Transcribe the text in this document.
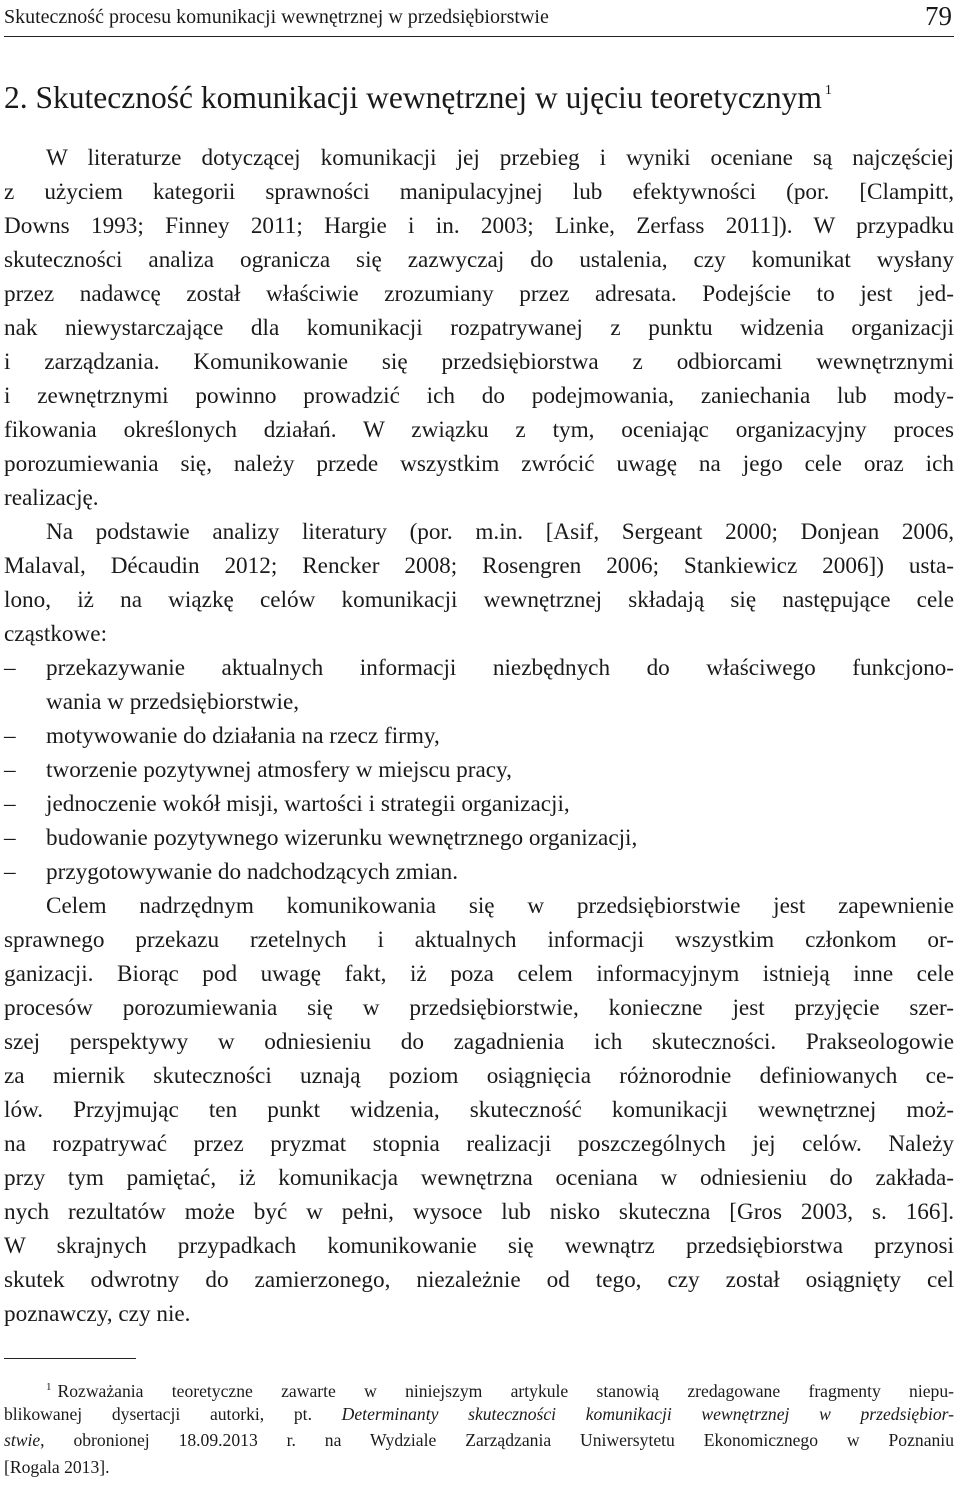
Skuteczność procesu komunikacji wewnętrznej w przedsiębiorstwie	79
2. Skuteczność komunikacji wewnętrznej w ujęciu teoretycznym $^1$
W literaturze dotyczącej komunikacji jej przebieg i wyniki oceniane są najczęściej
z użyciem kategorii sprawności manipulacyjnej lub efektywności (por. [Clampitt,
Downs 1993; Finney 2011; Hargie i in. 2003; Linke, Zerfass 2011]). W przypadku
skuteczności analiza ogranicza się zazwyczaj do ustalenia, czy komunikat wysłany
przez nadawcę został właściwie zrozumiany przez adresata. Podejście to jest jed-
nak niewystarczające dla komunikacji rozpatrywanej z punktu widzenia organizacji
i zarządzania. Komunikowanie się przedsiębiorstwa z odbiorcami wewnętrznymi
i zewnętrznymi powinno prowadzić ich do podejmowania, zaniechania lub mody-
fikowania określonych działań. W związku z tym, oceniając organizacyjny proces
porozumiewania się, należy przede wszystkim zwrócić uwagę na jego cele oraz ich
realizację.
Na podstawie analizy literatury (por. m.in. [Asif, Sergeant 2000; Donjean 2006,
Malaval, Décaudin 2012; Rencker 2008; Rosengren 2006; Stankiewicz 2006]) usta-
lono, iż na wiązkę celów komunikacji wewnętrznej składają się następujące cele
cząstkowe:
–	przekazywanie aktualnych informacji niezbędnych do właściwego funkcjono-
wania w przedsiębiorstwie,
–	motywowanie do działania na rzecz firmy,
–	tworzenie pozytywnej atmosfery w miejscu pracy,
–	jednoczenie wokół misji, wartości i strategii organizacji,
–	budowanie pozytywnego wizerunku wewnętrznego organizacji,
–	przygotowywanie do nadchodzących zmian.
Celem nadrzędnym komunikowania się w przedsiębiorstwie jest zapewnienie
sprawnego przekazu rzetelnych i aktualnych informacji wszystkim członkom or-
ganizacji. Biorąc pod uwagę fakt, iż poza celem informacyjnym istnieją inne cele
procesów porozumiewania się w przedsiębiorstwie, konieczne jest przyjęcie szer-
szej perspektywy w odniesieniu do zagadnienia ich skuteczności. Prakseologowie
za miernik skuteczności uznają poziom osiągnięcia różnorodnie definiowanych ce-
lów. Przyjmując ten punkt widzenia, skuteczność komunikacji wewnętrznej moż-
na rozpatrywać przez pryzmat stopnia realizacji poszczególnych jej celów. Należy
przy tym pamiętać, iż komunikacja wewnętrzna oceniana w odniesieniu do zakłada-
nych rezultatów może być w pełni, wysoce lub nisko skuteczna [Gros 2003, s. 166].
W skrajnych przypadkach komunikowanie się wewnątrz przedsiębiorstwa przynosi
skutek odwrotny do zamierzonego, niezależnie od tego, czy został osiągnięty cel
poznawczy, czy nie.
$^1$ Rozważania teoretyczne zawarte w niniejszym artykule stanowią zredagowane fragmenty niepu-
blikowanej dysertacji autorki, pt. Determinanty skuteczności komunikacji wewnętrznej w przedsiębior-
stwie, obronionej 18.09.2013 r. na Wydziale Zarządzania Uniwersytetu Ekonomicznego w Poznaniu
[Rogala 2013].
